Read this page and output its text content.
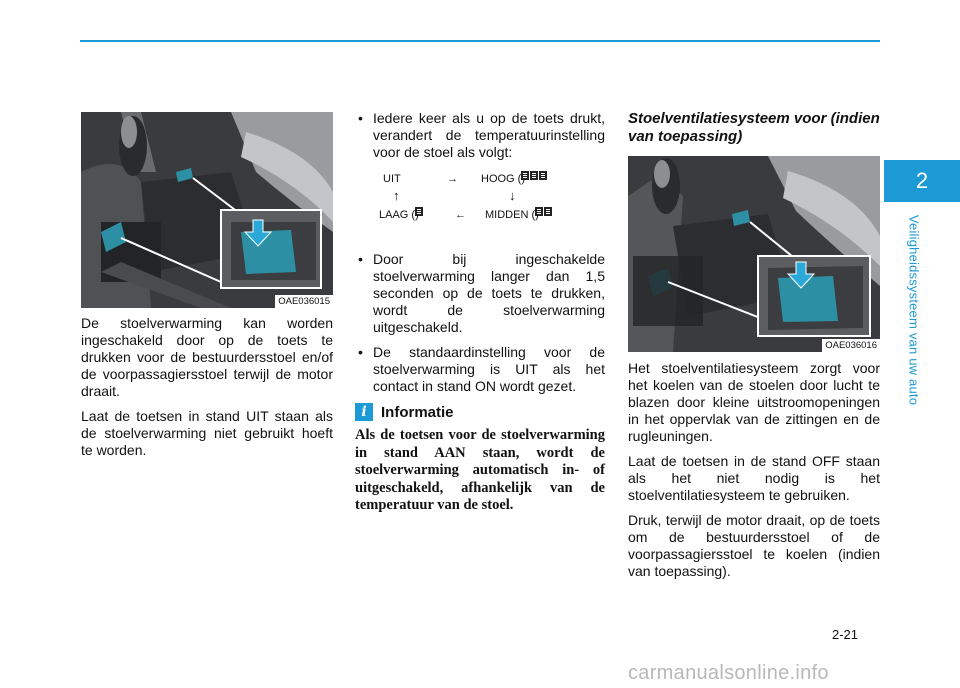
2
Veiligheidssysteem van uw auto
OAE036015

De stoelverwarming kan worden ingeschakeld door op de toets te drukken voor de bestuurdersstoel en/of de voorpassagiersstoel terwijl de motor draait.

Laat de toetsen in stand UIT staan als de stoelverwarming niet gebruikt hoeft te worden.

• Iedere keer als u op de toets drukt, verandert de temperatuurinstelling voor de stoel als volgt:
UIT	→ HOOG (
↑	↓
LAAG (	← MIDDEN (
• Door bij ingeschakelde stoelverwarming langer dan 1,5 seconden op de toets te drukken, wordt de stoelverwarming uitgeschakeld.
• De standaardinstelling voor de stoelverwarming is UIT als het contact in stand ON wordt gezet.
i Informatie

Als de toetsen voor de stoelverwarming in stand AAN staan, wordt de stoelverwarming automatisch in- of uitgeschakeld, afhankelijk van de temperatuur van de stoel.

Stoelventilatiesysteem voor (indien van toepassing)
OAE036016

Het stoelventilatiesysteem zorgt voor het koelen van de stoelen door lucht te blazen door kleine uitstroomopeningen in het oppervlak van de zittingen en de rugleuningen.

Laat de toetsen in de stand OFF staan als het niet nodig is het stoelventilatiesysteem te gebruiken.

Druk, terwijl de motor draait, op de toets om de bestuurdersstoel of de voorpassagiersstoel te koelen (indien van toepassing).

2-21
carmanualsonline.info
